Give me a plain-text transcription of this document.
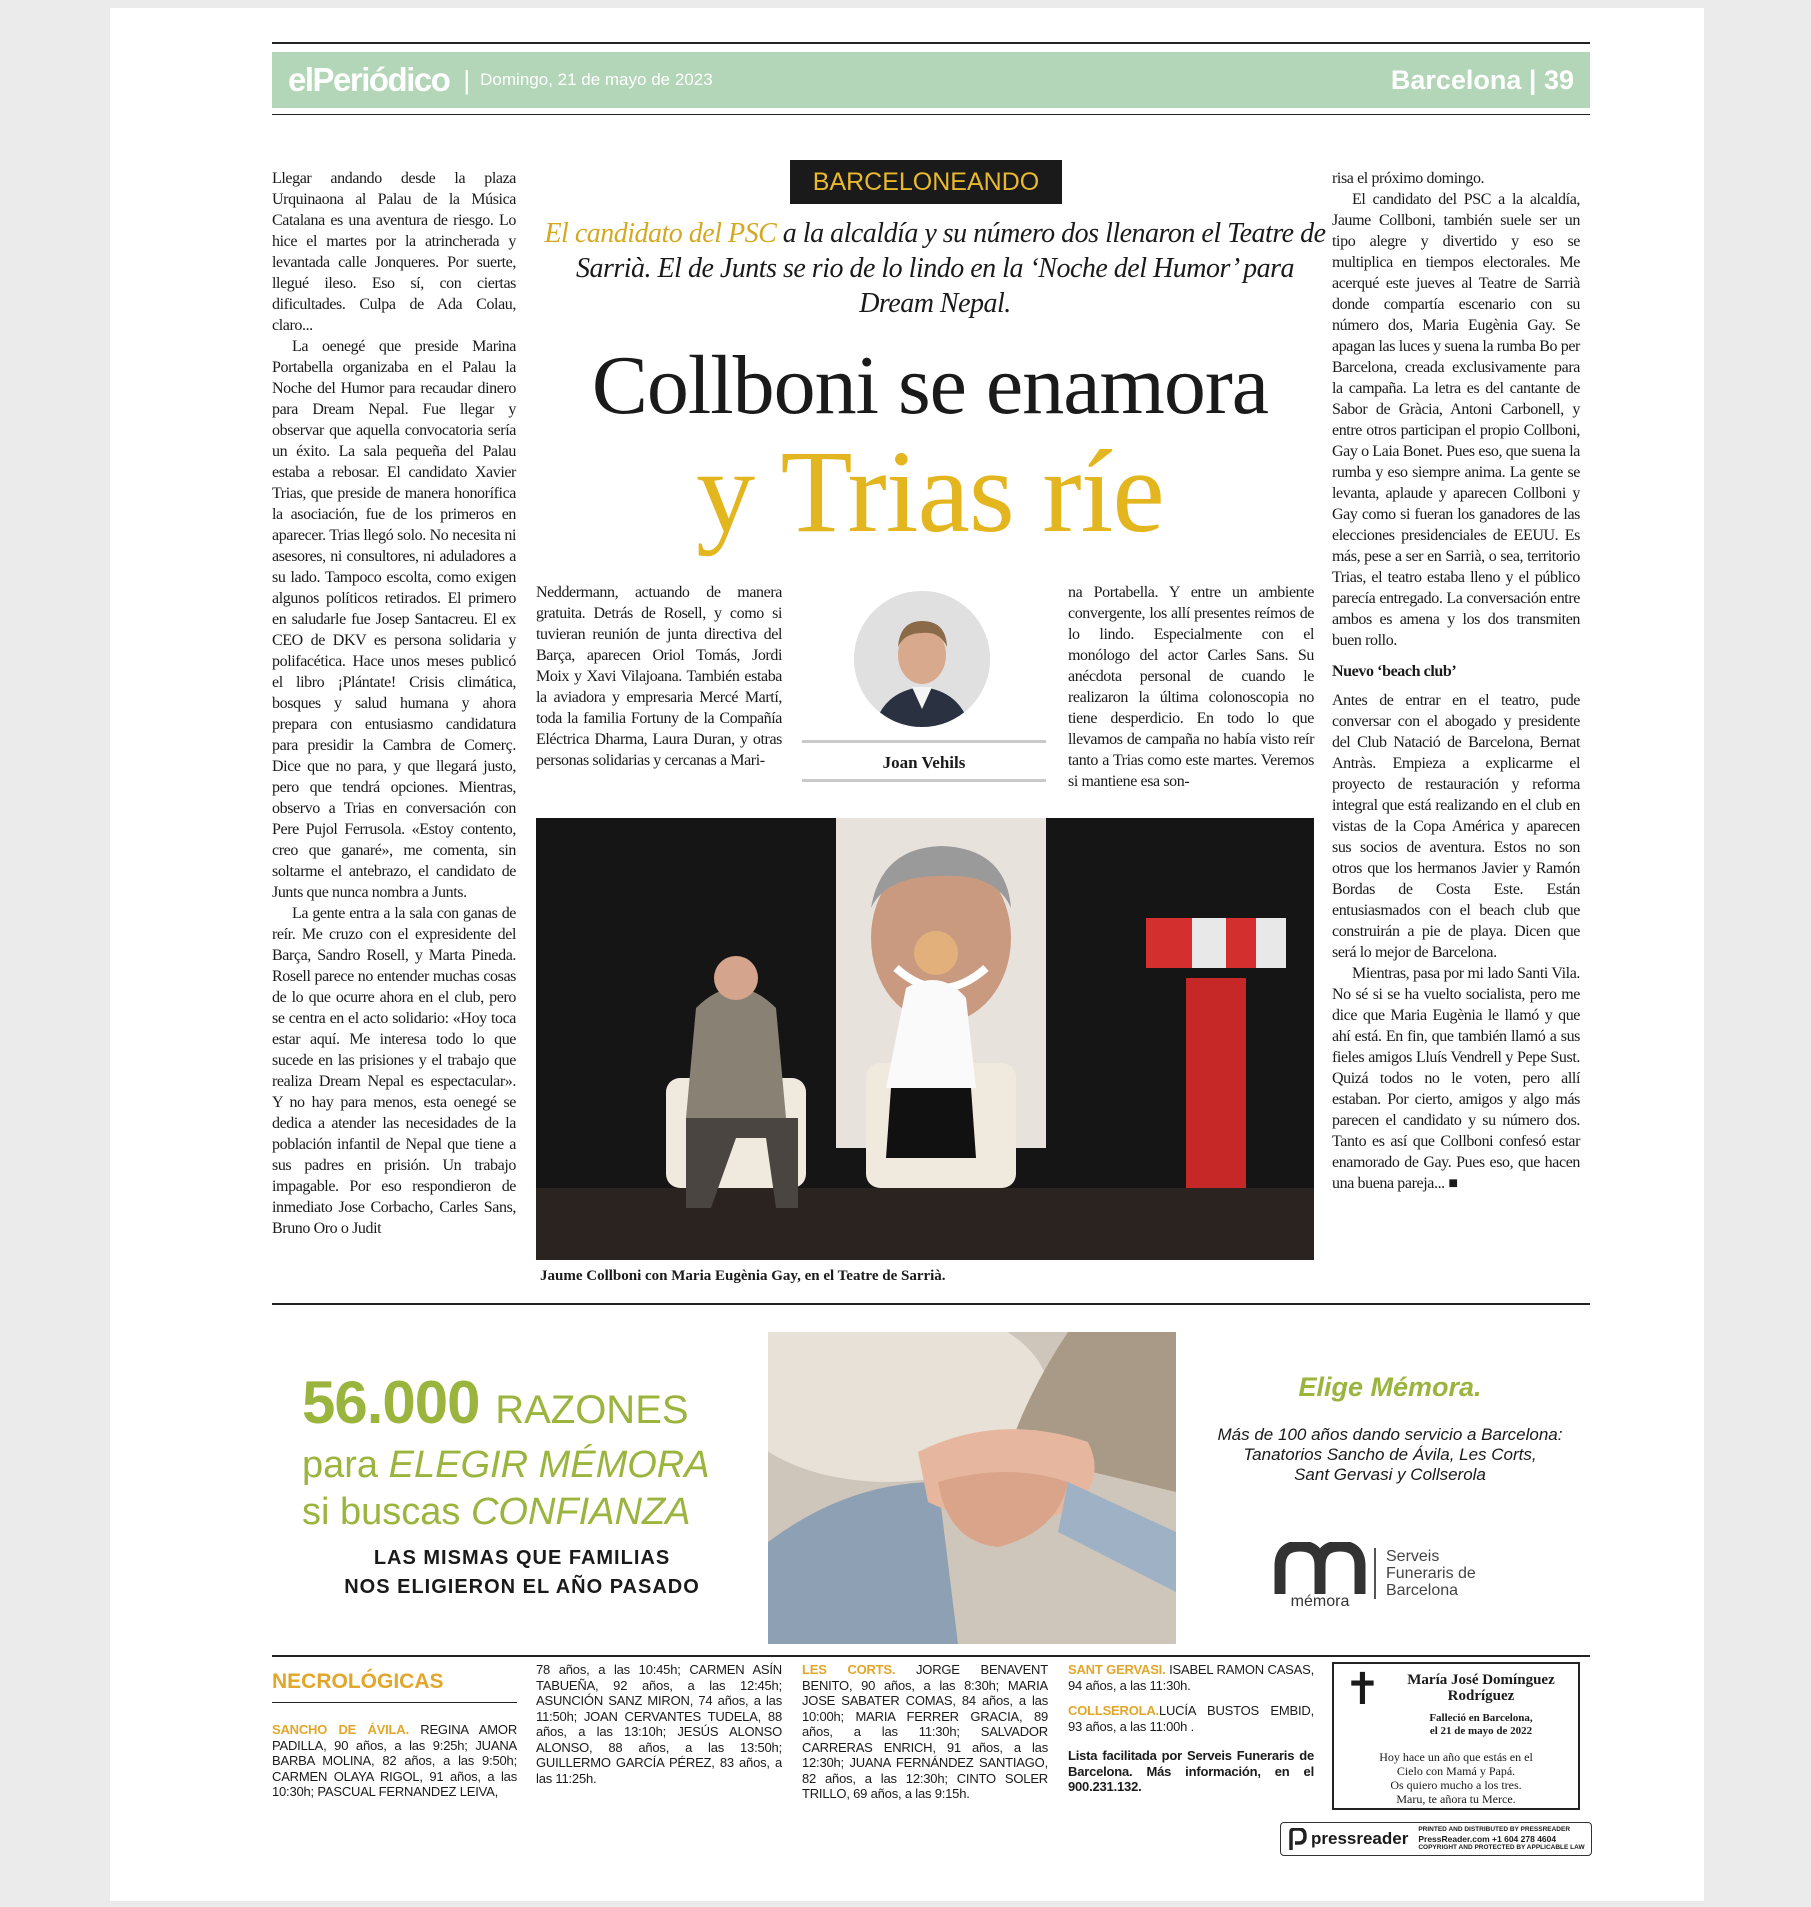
elPeriódico | Domingo, 21 de mayo de 2023	Barcelona | 39

Llegar andando desde la plaza Urquinaona al Palau de la Música Catalana es una aventura de riesgo. Lo hice el martes por la atrincherada y levantada calle Jonqueres. Por suerte, llegué ileso. Eso sí, con ciertas dificultades. Culpa de Ada Colau, claro...

La oenegé que preside Marina Portabella organizaba en el Palau la Noche del Humor para recaudar dinero para Dream Nepal. Fue llegar y observar que aquella convocatoria sería un éxito. La sala pequeña del Palau estaba a rebosar. El candidato Xavier Trias, que preside de manera honorífica la asociación, fue de los primeros en aparecer. Trias llegó solo. No necesita ni asesores, ni consultores, ni aduladores a su lado. Tampoco escolta, como exigen algunos políticos retirados. El primero en saludarle fue Josep Santacreu. El ex CEO de DKV es persona solidaria y polifacética. Hace unos meses publicó el libro ¡Plántate! Crisis climática, bosques y salud humana y ahora prepara con entusiasmo candidatura para presidir la Cambra de Comerç. Dice que no para, y que llegará justo, pero que tendrá opciones. Mientras, observo a Trias en conversación con Pere Pujol Ferrusola. «Estoy contento, creo que ganaré», me comenta, sin soltarme el antebrazo, el candidato de Junts que nunca nombra a Junts.

La gente entra a la sala con ganas de reír. Me cruzo con el expresidente del Barça, Sandro Rosell, y Marta Pineda. Rosell parece no entender muchas cosas de lo que ocurre ahora en el club, pero se centra en el acto solidario: «Hoy toca estar aquí. Me interesa todo lo que sucede en las prisiones y el trabajo que realiza Dream Nepal es espectacular». Y no hay para menos, esta oenegé se dedica a atender las necesidades de la población infantil de Nepal que tiene a sus padres en prisión. Un trabajo impagable. Por eso respondieron de inmediato Jose Corbacho, Carles Sans, Bruno Oro o Judit

BARCELONEANDO
El candidato del PSC a la alcaldía y su número dos llenaron el Teatre de Sarrià. El de Junts se rio de lo lindo en la ‘Noche del Humor’ para Dream Nepal.
Collboni se enamora
y Trias ríe

Neddermann, actuando de manera gratuita. Detrás de Rosell, y como si tuvieran reunión de junta directiva del Barça, aparecen Oriol Tomás, Jordi Moix y Xavi Vilajoana. También estaba la aviadora y empresaria Mercé Martí, toda la familia Fortuny de la Compañía Eléctrica Dharma, Laura Duran, y otras personas solidarias y cercanas a Mari-	Joan Vehils

na Portabella. Y entre un ambiente convergente, los allí presentes reímos de lo lindo. Especialmente con el monólogo del actor Carles Sans. Su anécdota personal de cuando le realizaron la última colonoscopia no tiene desperdicio. En todo lo que llevamos de campaña no había visto reír tanto a Trias como este martes. Veremos si mantiene esa son-

Jaume Collboni con Maria Eugènia Gay, en el Teatre de Sarrià.

risa el próximo domingo.

El candidato del PSC a la alcaldía, Jaume Collboni, también suele ser un tipo alegre y divertido y eso se multiplica en tiempos electorales. Me acerqué este jueves al Teatre de Sarrià donde compartía escenario con su número dos, Maria Eugènia Gay. Se apagan las luces y suena la rumba Bo per Barcelona, creada exclusivamente para la campaña. La letra es del cantante de Sabor de Gràcia, Antoni Carbonell, y entre otros participan el propio Collboni, Gay o Laia Bonet. Pues eso, que suena la rumba y eso siempre anima. La gente se levanta, aplaude y aparecen Collboni y Gay como si fueran los ganadores de las elecciones presidenciales de EEUU. Es más, pese a ser en Sarrià, o sea, territorio Trias, el teatro estaba lleno y el público parecía entregado. La conversación entre ambos es amena y los dos transmiten buen rollo.

Nuevo ‘beach club’

Antes de entrar en el teatro, pude conversar con el abogado y presidente del Club Natació de Barcelona, Bernat Antràs. Empieza a explicarme el proyecto de restauración y reforma integral que está realizando en el club en vistas de la Copa América y aparecen sus socios de aventura. Estos no son otros que los hermanos Javier y Ramón Bordas de Costa Este. Están entusiasmados con el beach club que construirán a pie de playa. Dicen que será lo mejor de Barcelona.

Mientras, pasa por mi lado Santi Vila. No sé si se ha vuelto socialista, pero me dice que Maria Eugènia le llamó y que ahí está. En fin, que también llamó a sus fieles amigos Lluís Vendrell y Pepe Sust. Quizá todos no le voten, pero allí estaban. Por cierto, amigos y algo más parecen el candidato y su número dos. Tanto es así que Collboni confesó estar enamorado de Gay. Pues eso, que hacen una buena pareja... ■

56.000 RAZONES
para ELEGIR MÉMORA
si buscas CONFIANZA
LAS MISMAS QUE FAMILIAS
NOS ELIGIERON EL AÑO PASADO
Elige Mémora.
Más de 100 años dando servicio a Barcelona:
Tanatorios Sancho de Ávila, Les Corts,
Sant Gervasi y Collserola
mémora
Serveis
Funeraris de
Barcelona
NECROLÓGICAS
SANCHO DE ÁVILA. REGINA AMOR PADILLA, 90 años, a las 9:25h; JUANA BARBA MOLINA, 82 años, a las 9:50h; CARMEN OLAYA RIGOL, 91 años, a las 10:30h; PASCUAL FERNANDEZ LEIVA,
78 años, a las 10:45h; CARMEN ASÍN TABUEÑA, 92 años, a las 12:45h; ASUNCIÓN SANZ MIRON, 74 años, a las 11:50h; JOAN CERVANTES TUDELA, 88 años, a las 13:10h; JESÚS ALONSO ALONSO, 88 años, a las 13:50h; GUILLERMO GARCÍA PÉREZ, 83 años, a las 11:25h.
LES CORTS. JORGE BENAVENT BENITO, 90 años, a las 8:30h; MARIA JOSE SABATER COMAS, 84 años, a las 10:00h; MARIA FERRER GRACIA, 89 años, a las 11:30h; SALVADOR CARRERAS ENRICH, 91 años, a las 12:30h; JUANA FERNÁNDEZ SANTIAGO, 82 años, a las 12:30h; CINTO SOLER TRILLO, 69 años, a las 9:15h.
SANT GERVASI. ISABEL RAMON CASAS, 94 años, a las 11:30h.
COLLSEROLA.LUCÍA BUSTOS EMBID, 93 años, a las 11:00h .
Lista facilitada por Serveis Funeraris de Barcelona. Más información, en el 900.231.132.
✝	María José Domínguez Rodríguez
Falleció en Barcelona,
el 21 de mayo de 2022
Hoy hace un año que estás en el
Cielo con Mamá y Papá.
Os quiero mucho a los tres.
Maru, te añora tu Merce.
pressreader PRINTED AND DISTRIBUTED BY PRESSREADER
PressReader.com +1 604 278 4604
COPYRIGHT AND PROTECTED BY APPLICABLE LAW
